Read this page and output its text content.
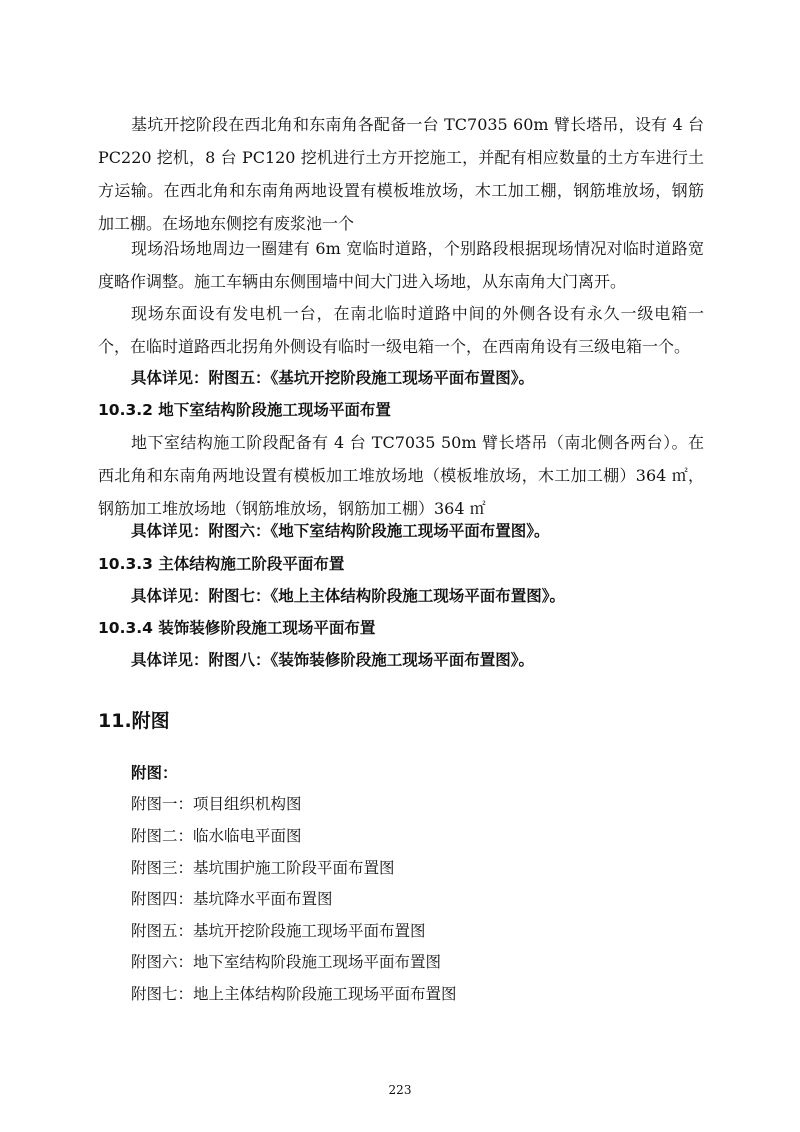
基坑开挖阶段在西北角和东南角各配备一台 TC7035 60m 臂长塔吊，设有 4 台 PC220 挖机，8 台 PC120 挖机进行土方开挖施工，并配有相应数量的土方车进行土方运输。在西北角和东南角两地设置有模板堆放场，木工加工棚，钢筋堆放场，钢筋加工棚。在场地东侧挖有废浆池一个

现场沿场地周边一圈建有 6m 宽临时道路，个别路段根据现场情况对临时道路宽度略作调整。施工车辆由东侧围墙中间大门进入场地，从东南角大门离开。

现场东面设有发电机一台，在南北临时道路中间的外侧各设有永久一级电箱一个，在临时道路西北拐角外侧设有临时一级电箱一个，在西南角设有三级电箱一个。

具体详见：附图五：《基坑开挖阶段施工现场平面布置图》。
10.3.2 地下室结构阶段施工现场平面布置

地下室结构施工阶段配备有 4 台 TC7035 50m 臂长塔吊（南北侧各两台）。在西北角和东南角两地设置有模板加工堆放场地（模板堆放场，木工加工棚）364 ㎡，钢筋加工堆放场地（钢筋堆放场，钢筋加工棚）364 ㎡

具体详见：附图六：《地下室结构阶段施工现场平面布置图》。
10.3.3 主体结构施工阶段平面布置
具体详见：附图七：《地上主体结构阶段施工现场平面布置图》。
10.3.4 装饰装修阶段施工现场平面布置
具体详见：附图八：《装饰装修阶段施工现场平面布置图》。
11.附图
附图：
附图一：项目组织机构图
附图二：临水临电平面图
附图三：基坑围护施工阶段平面布置图
附图四：基坑降水平面布置图
附图五：基坑开挖阶段施工现场平面布置图
附图六：地下室结构阶段施工现场平面布置图
附图七：地上主体结构阶段施工现场平面布置图
223
